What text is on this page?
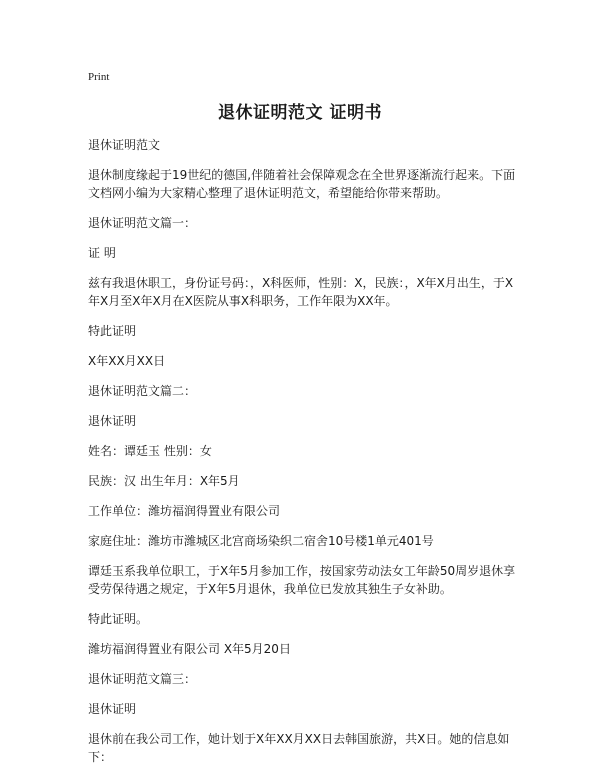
Print

退休证明范文 证明书

退休证明范文

退休制度缘起于19世纪的德国,伴随着社会保障观念在全世界逐渐流行起来。下面文档网小编为大家精心整理了退休证明范文，希望能给你带来帮助。

退休证明范文篇一：

证 明

兹有我退休职工，身份证号码：，X科医师，性别：X，民族：，X年X月出生，于X年X月至X年X月在X医院从事X科职务，工作年限为XX年。

特此证明

X年XX月XX日

退休证明范文篇二：

退休证明

姓名：谭廷玉 性别：女

民族：汉 出生年月：X年5月

工作单位：潍坊福润得置业有限公司

家庭住址：潍坊市潍城区北宫商场染织二宿舍10号楼1单元401号

谭廷玉系我单位职工，于X年5月参加工作，按国家劳动法女工年龄50周岁退休享受劳保待遇之规定，于X年5月退休，我单位已发放其独生子女补助。

特此证明。

潍坊福润得置业有限公司 X年5月20日

退休证明范文篇三：

退休证明

退休前在我公司工作，她计划于X年XX月XX日去韩国旅游，共X日。她的信息如下：
